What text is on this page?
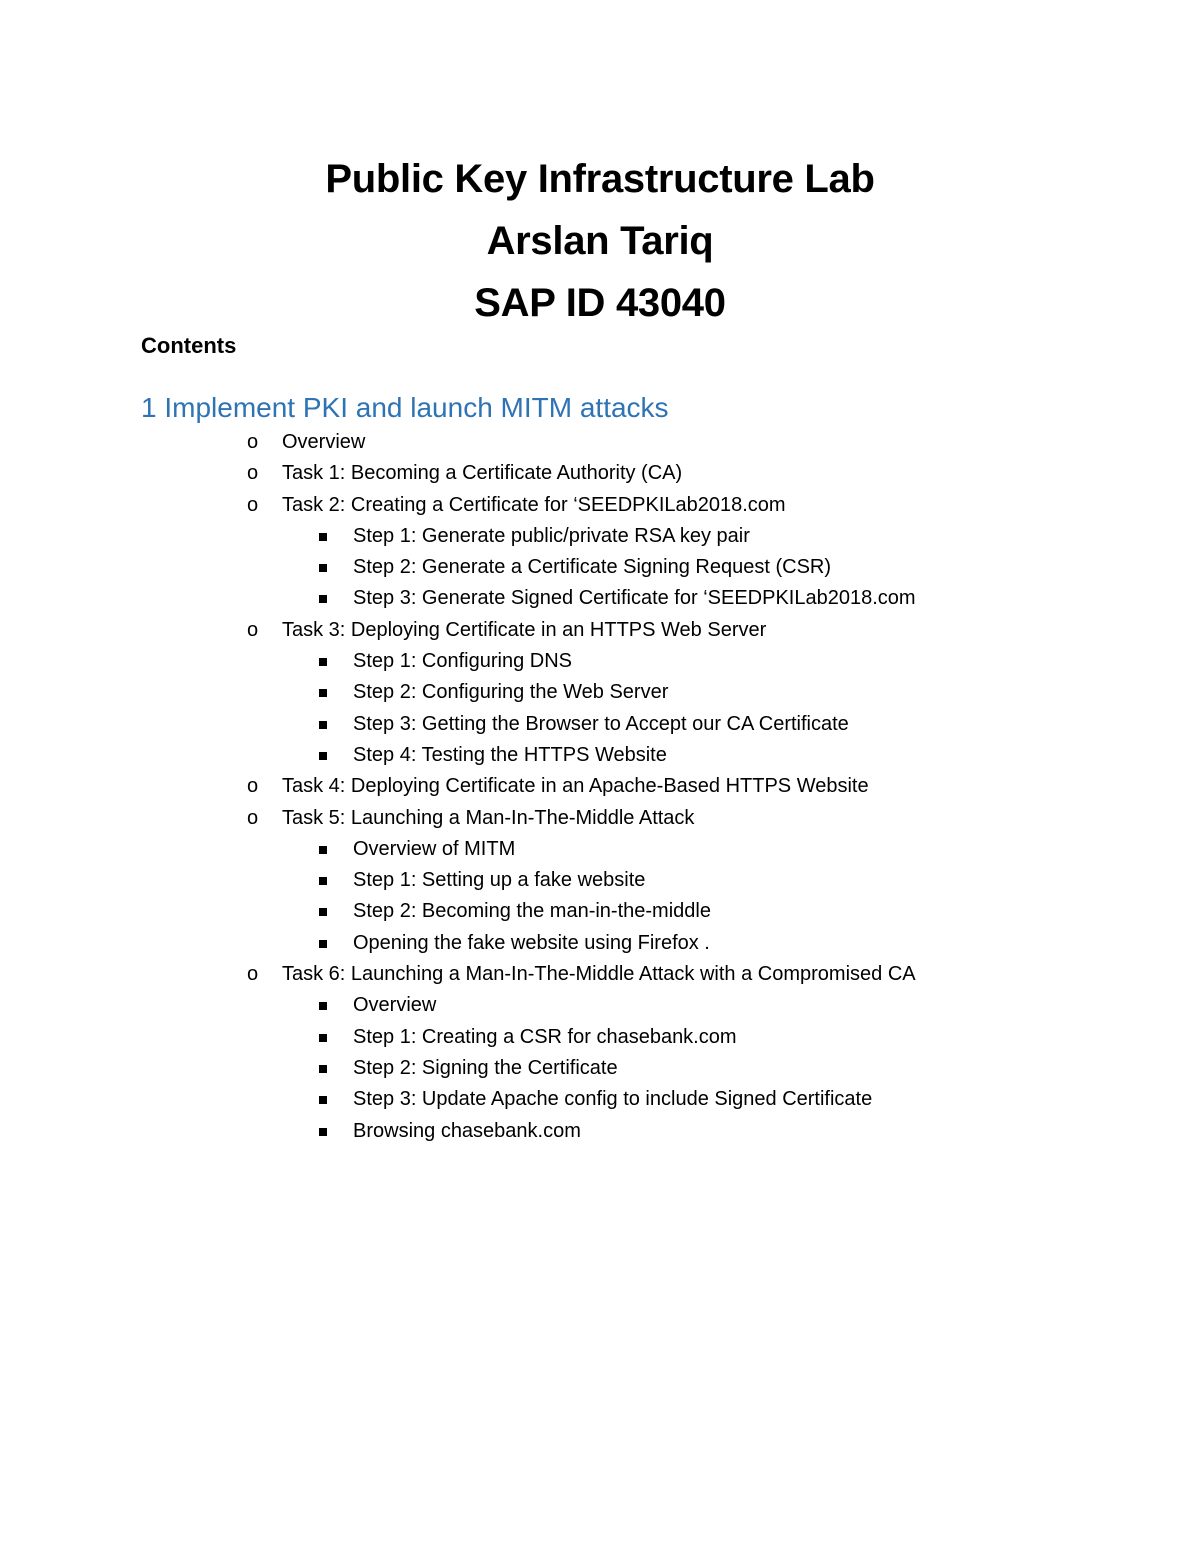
Public Key Infrastructure Lab
Arslan Tariq
SAP ID 43040
Contents
1 Implement PKI and launch MITM attacks
o	Overview
o	Task 1: Becoming a Certificate Authority (CA)
o	Task 2: Creating a Certificate for ‘SEEDPKILab2018.com
Step 1: Generate public/private RSA key pair
Step 2: Generate a Certificate Signing Request (CSR)
Step 3: Generate Signed Certificate for ‘SEEDPKILab2018.com
o	Task 3: Deploying Certificate in an HTTPS Web Server
Step 1: Configuring DNS
Step 2: Configuring the Web Server
Step 3: Getting the Browser to Accept our CA Certificate
Step 4: Testing the HTTPS Website
o	Task 4: Deploying Certificate in an Apache-Based HTTPS Website
o	Task 5: Launching a Man-In-The-Middle Attack
Overview of MITM
Step 1: Setting up a fake website
Step 2: Becoming the man-in-the-middle
Opening the fake website using Firefox .
o	Task 6: Launching a Man-In-The-Middle Attack with a Compromised CA
Overview
Step 1: Creating a CSR for chasebank.com
Step 2: Signing the Certificate
Step 3: Update Apache config to include Signed Certificate
Browsing chasebank.com
